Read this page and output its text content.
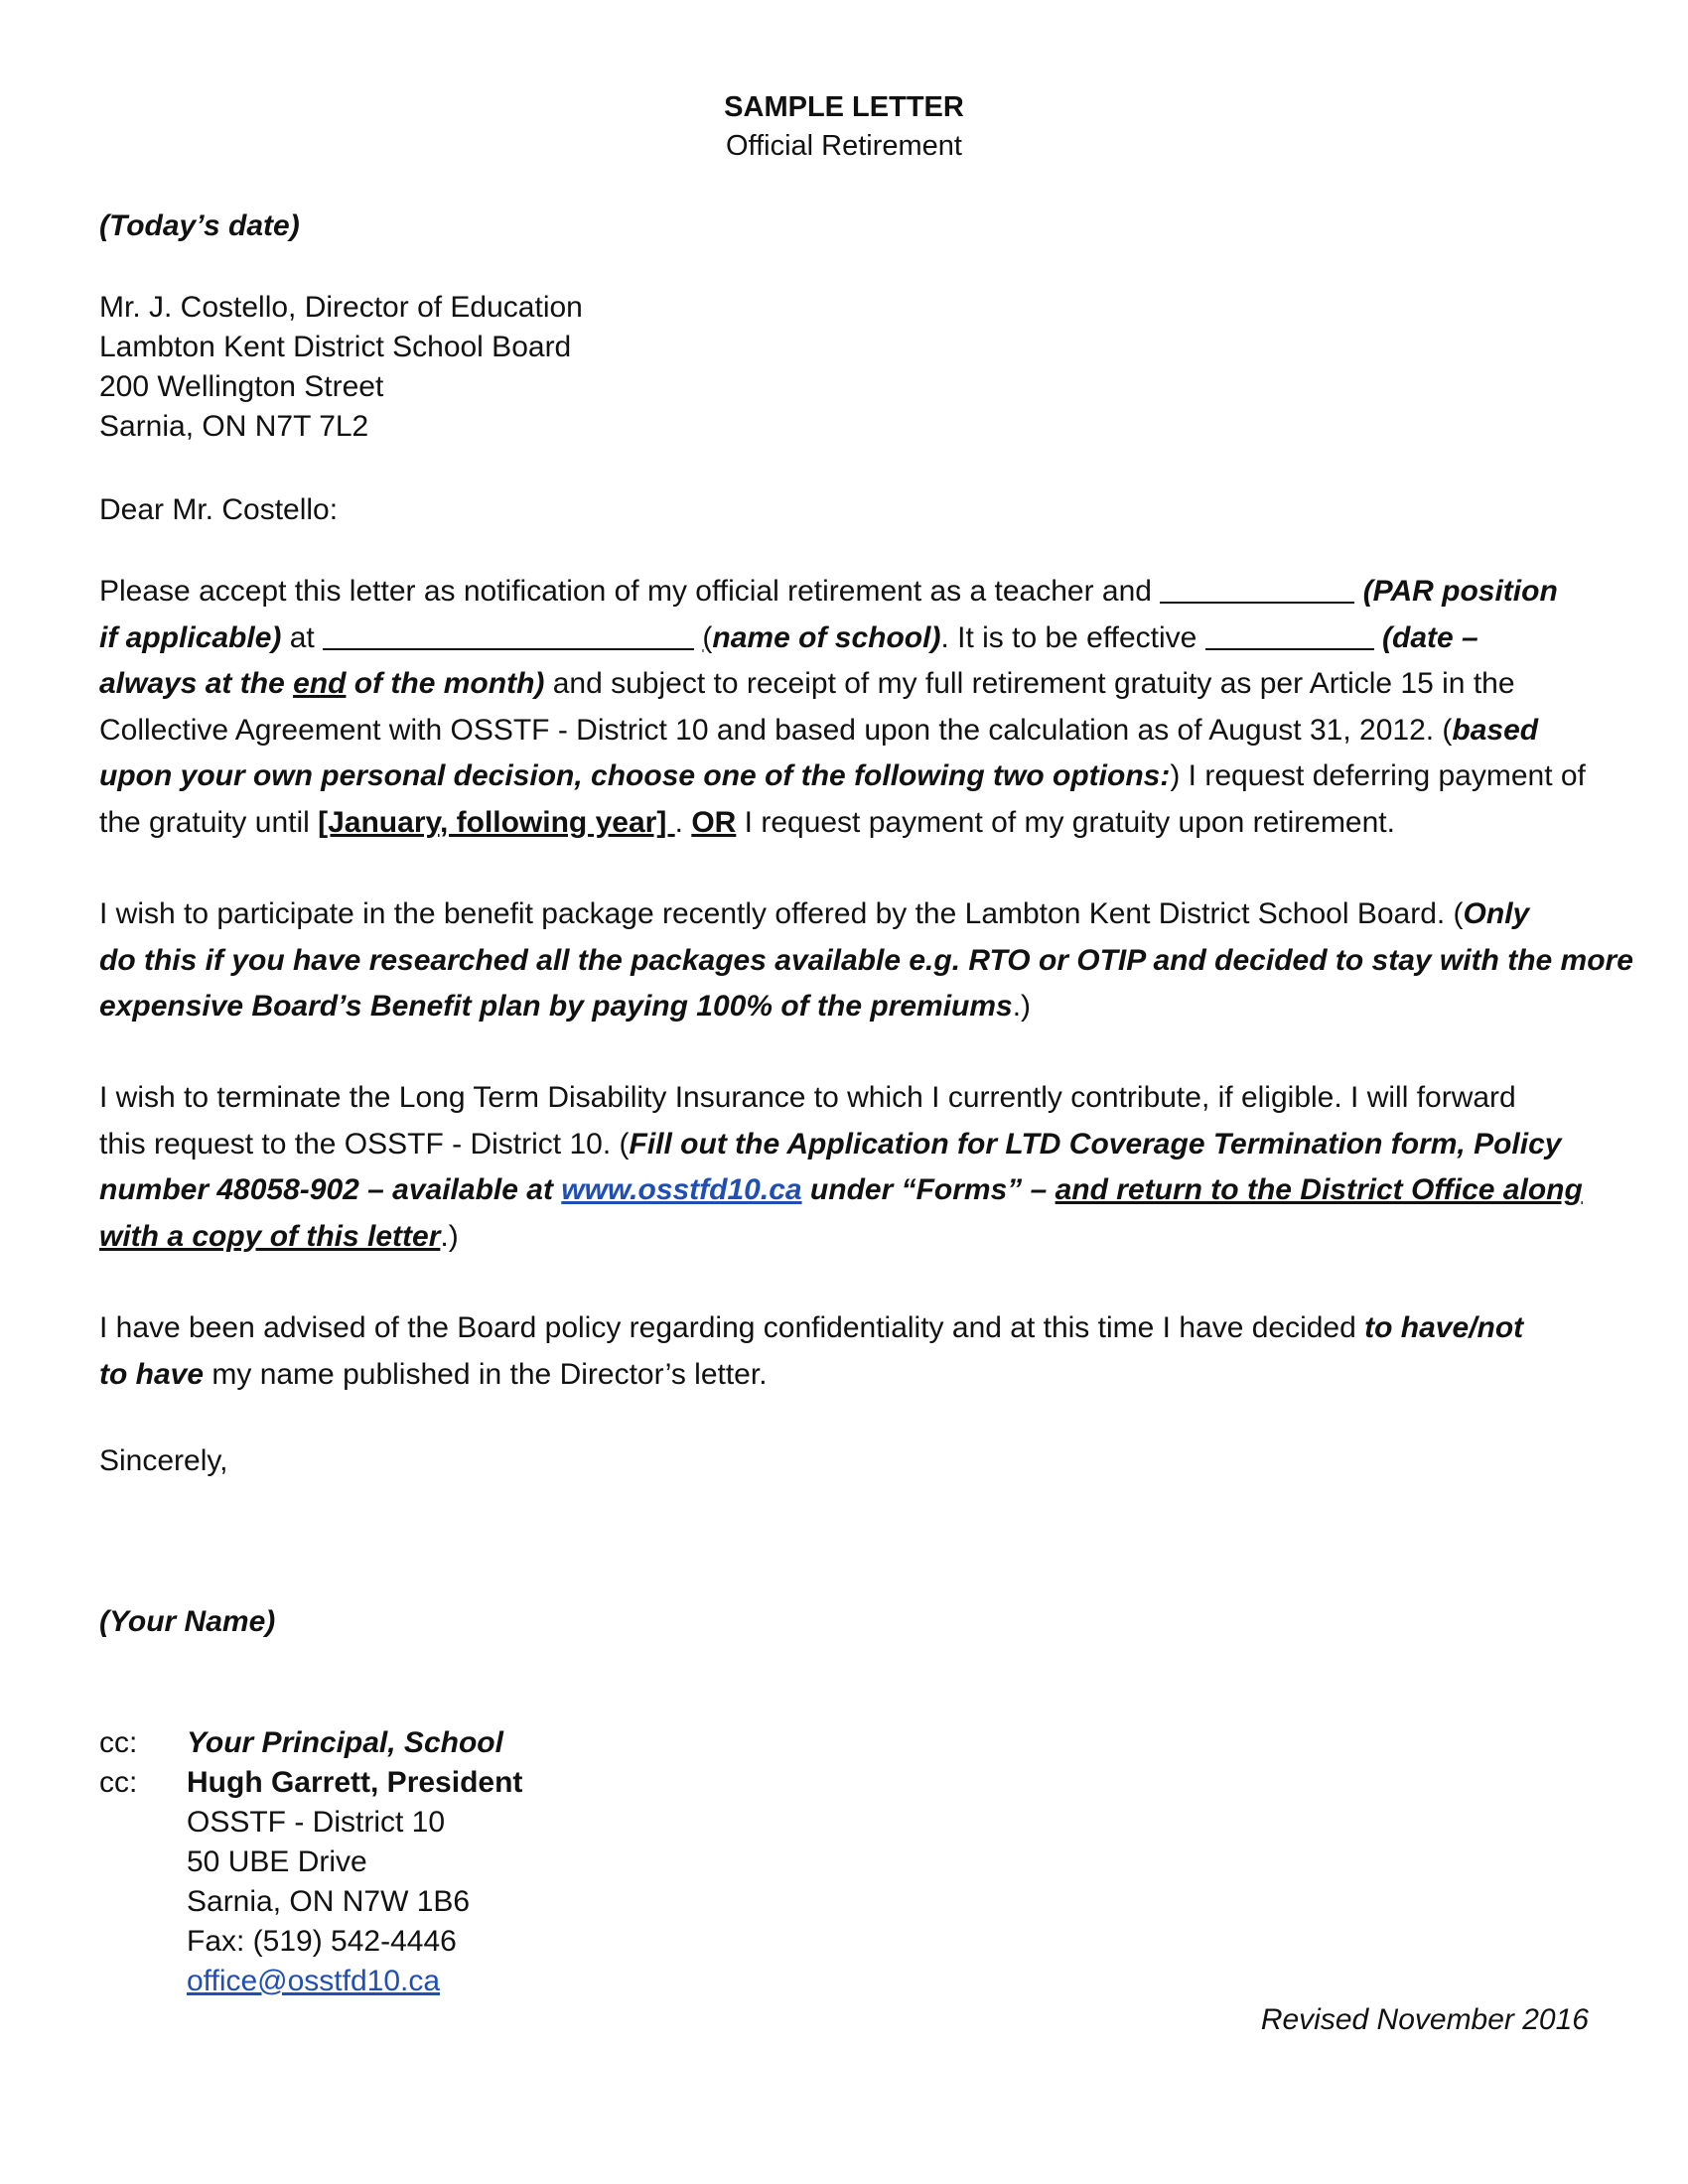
SAMPLE LETTER
Official Retirement
(Today’s date)
Mr. J. Costello, Director of Education
Lambton Kent District School Board
200 Wellington Street
Sarnia, ON N7T 7L2
Dear Mr. Costello:
Please accept this letter as notification of my official retirement as a teacher and	(PAR position
if applicable) at	(name of school). It is to be effective	(date –
always at the end of the month) and subject to receipt of my full retirement gratuity as per Article 15 in the
Collective Agreement with OSSTF - District 10 and based upon the calculation as of August 31, 2012. (based
upon your own personal decision, choose one of the following two options:) I request deferring payment of
the gratuity until [January, following year] . OR I request payment of my gratuity upon retirement.
I wish to participate in the benefit package recently offered by the Lambton Kent District School Board. (Only
do this if you have researched all the packages available e.g. RTO or OTIP and decided to stay with the more
expensive Board’s Benefit plan by paying 100% of the premiums.)
I wish to terminate the Long Term Disability Insurance to which I currently contribute, if eligible. I will forward
this request to the OSSTF - District 10. (Fill out the Application for LTD Coverage Termination form, Policy
number 48058-902 – available at www.osstfd10.ca under “Forms” – and return to the District Office along
with a copy of this letter.)
I have been advised of the Board policy regarding confidentiality and at this time I have decided to have/not
to have my name published in the Director’s letter.
Sincerely,
(Your Name)
cc: Your Principal, School
cc: Hugh Garrett, President
OSSTF - District 10
50 UBE Drive
Sarnia, ON N7W 1B6
Fax: (519) 542-4446
office@osstfd10.ca
Revised November 2016
